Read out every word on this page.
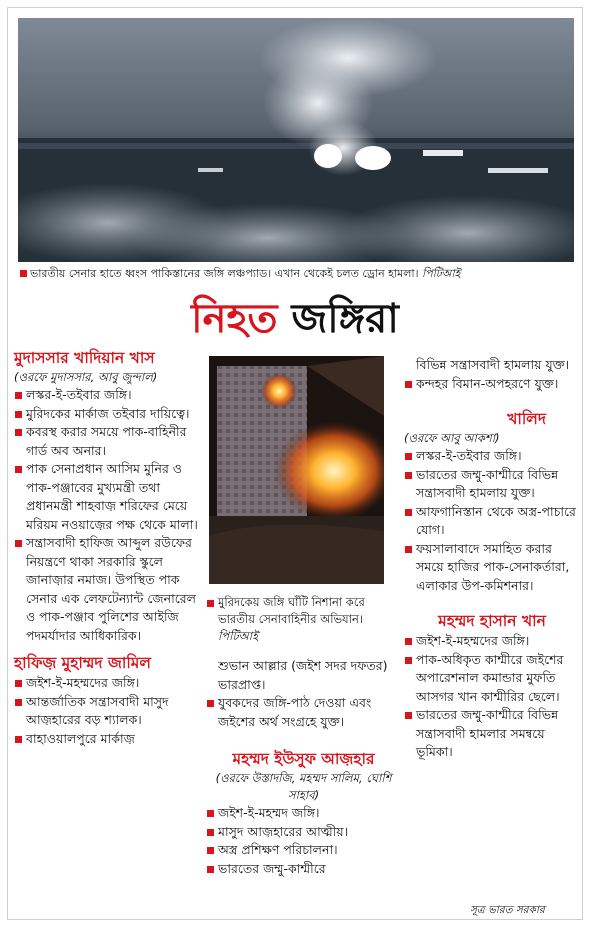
ভারতীয় সেনার হাতে ধ্বংস পাকিস্তানের জঙ্গি লঞ্চপ্যাড। এখান থেকেই চলত ড্রোন হামলা। পিটিআই
নিহত জঙ্গিরা
মুদাসসার খাদিয়ান খাস
(ওরফে মুদাসসার, আবু জুন্দাল)
লস্কর-ই-তইবার জঙ্গি।
মুরিদকের মার্কাজ তইবার দায়িত্বে।
কবরস্থ করার সময়ে পাক-বাহিনীর গার্ড অব অনার।
পাক সেনাপ্রধান আসিম মুনির ও পাক-পঞ্জাবের মুখ্যমন্ত্রী তথা প্রধানমন্ত্রী শাহবাজ় শরিফের মেয়ে মরিয়ম নওয়াজ়ের পক্ষ থেকে মালা।
সন্ত্রাসবাদী হাফিজ আব্দুল রউফের নিয়ন্ত্রণে থাকা সরকারি স্কুলে জানাজ়ার নমাজ। উপস্থিত পাক সেনার এক লেফটেন্যান্ট জেনারেল ও পাক-পঞ্জাব পুলিশের আইজি পদমর্যাদার আধিকারিক।
হাফিজ় মুহাম্মদ জামিল
জইশ-ই-মহম্মদের জঙ্গি।
আন্তর্জাতিক সন্ত্রাসবাদী মাসুদ আজ়হারের বড় শ্যালক।
বাহাওয়ালপুরে মার্কাজ়
মুরিদকেয় জঙ্গি ঘাঁটি নিশানা করে ভারতীয় সেনাবাহিনীর অভিযান। পিটিআই
শুভান আল্লার (জইশ সদর দফতর) ভারপ্রাপ্ত।
যুবকদের জঙ্গি-পাঠ দেওয়া এবং জইশের অর্থ সংগ্রহে যুক্ত।
মহম্মদ ইউসুফ আজ়হার
(ওরফে উস্তাদজি, মহম্মদ সালিম, ঘোশি সাহাব)
জইশ-ই-মহম্মদ জঙ্গি।
মাসুদ আজ়হারের আত্মীয়।
অস্ত্র প্রশিক্ষণ পরিচালনা।
ভারতের জম্মু-কাশ্মীরে
বিভিন্ন সন্ত্রাসবাদী হামলায় যুক্ত।
কন্দহর বিমান-অপহরণে যুক্ত।
খালিদ
(ওরফে আবু আকশা)
লস্কর-ই-তইবার জঙ্গি।
ভারতের জম্মু-কাশ্মীরে বিভিন্ন সন্ত্রাসবাদী হামলায় যুক্ত।
আফগানিস্তান থেকে অস্ত্র-পাচারে যোগ।
ফয়সালাবাদে সমাহিত করার সময়ে হাজির পাক-সেনাকর্তারা, এলাকার উপ-কমিশনার।
মহম্মদ হাসান খান
জইশ-ই-মহম্মদের জঙ্গি।
পাক-অধিকৃত কাশ্মীরে জইশের অপারেশনাল কমান্ডার মুফতি আসগর খান কাশ্মীরির ছেলে।
ভারতের জম্মু-কাশ্মীরে বিভিন্ন সন্ত্রাসবাদী হামলার সমন্বয়ে ভূমিকা।
সূত্র ভারত সরকার
